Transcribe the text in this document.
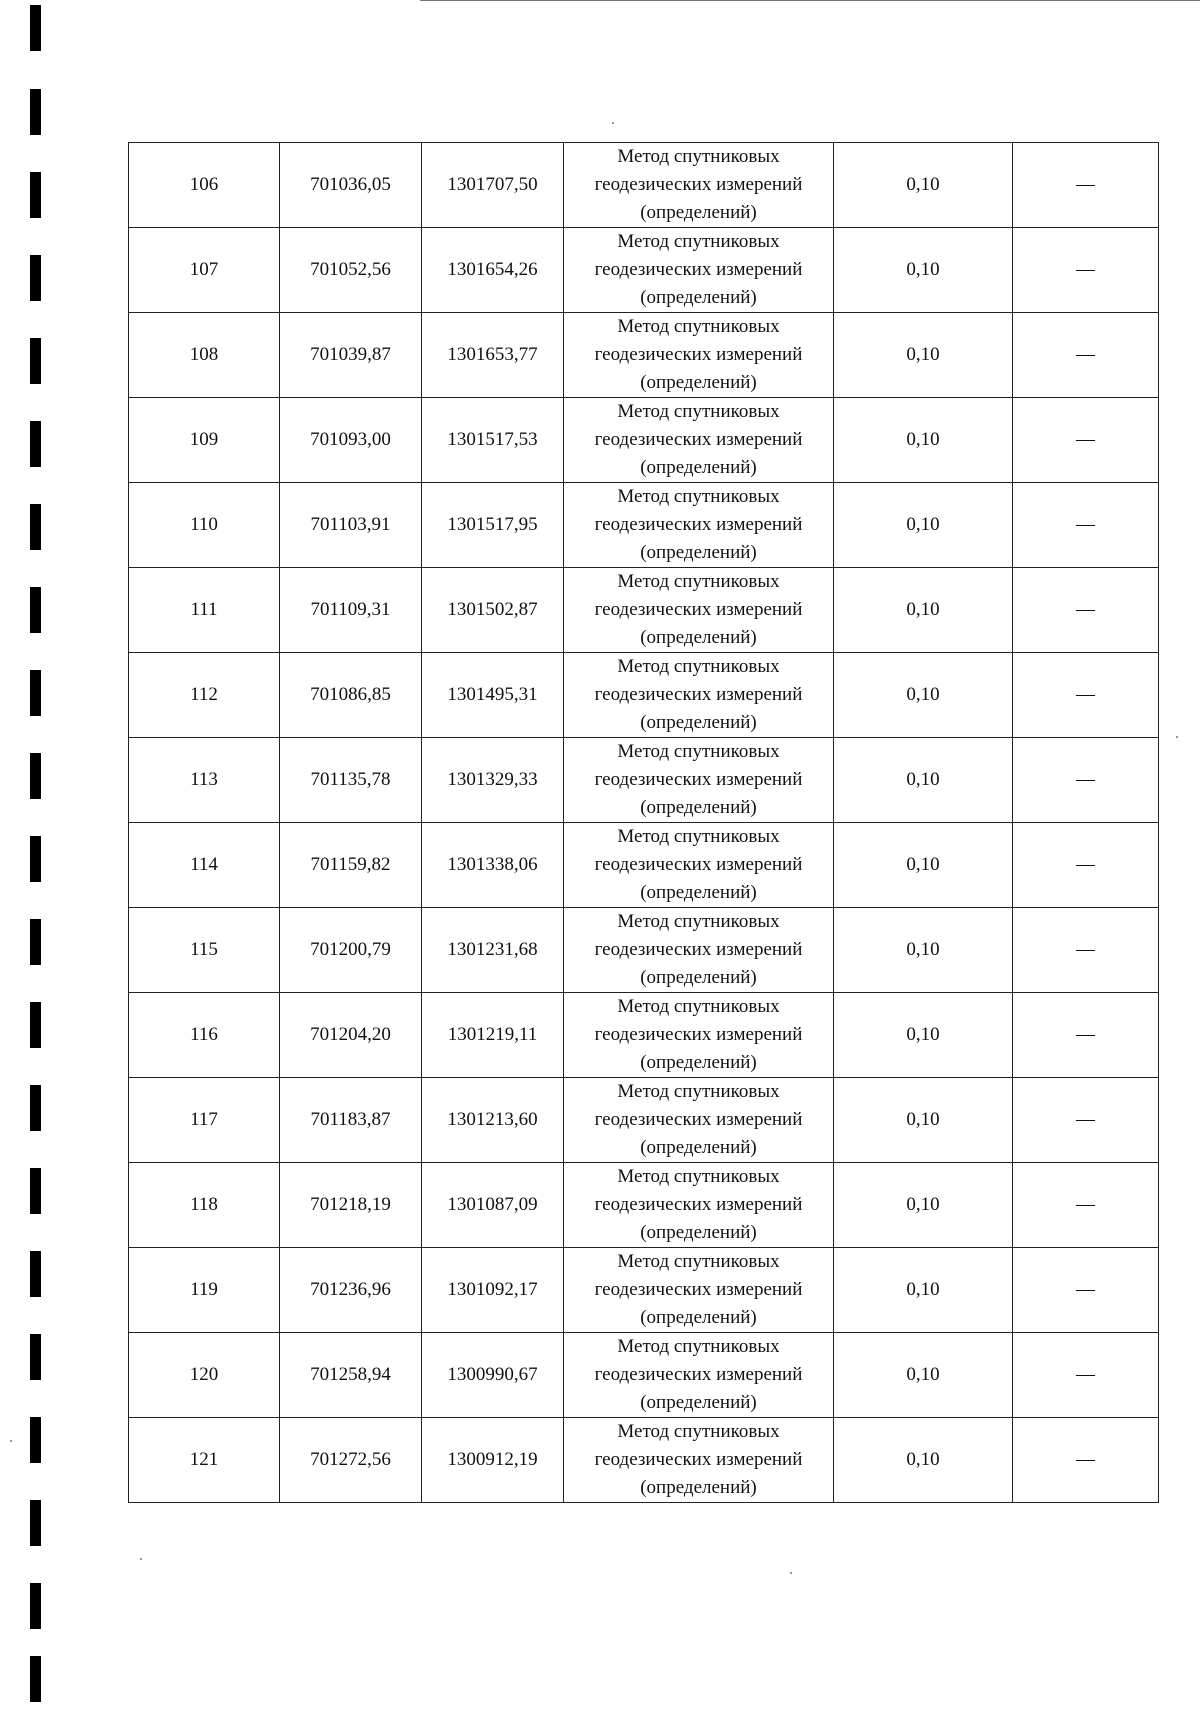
106	701036,05	1301707,50	Метод спутниковых
геодезических измерений
(определений)	0,10	—
107	701052,56	1301654,26	Метод спутниковых
геодезических измерений
(определений)	0,10	—
108	701039,87	1301653,77	Метод спутниковых
геодезических измерений
(определений)	0,10	—
109	701093,00	1301517,53	Метод спутниковых
геодезических измерений
(определений)	0,10	—
110	701103,91	1301517,95	Метод спутниковых
геодезических измерений
(определений)	0,10	—
111	701109,31	1301502,87	Метод спутниковых
геодезических измерений
(определений)	0,10	—
112	701086,85	1301495,31	Метод спутниковых
геодезических измерений
(определений)	0,10	—
113	701135,78	1301329,33	Метод спутниковых
геодезических измерений
(определений)	0,10	—
114	701159,82	1301338,06	Метод спутниковых
геодезических измерений
(определений)	0,10	—
115	701200,79	1301231,68	Метод спутниковых
геодезических измерений
(определений)	0,10	—
116	701204,20	1301219,11	Метод спутниковых
геодезических измерений
(определений)	0,10	—
117	701183,87	1301213,60	Метод спутниковых
геодезических измерений
(определений)	0,10	—
118	701218,19	1301087,09	Метод спутниковых
геодезических измерений
(определений)	0,10	—
119	701236,96	1301092,17	Метод спутниковых
геодезических измерений
(определений)	0,10	—
120	701258,94	1300990,67	Метод спутниковых
геодезических измерений
(определений)	0,10	—
121	701272,56	1300912,19	Метод спутниковых
геодезических измерений
(определений)	0,10	—
